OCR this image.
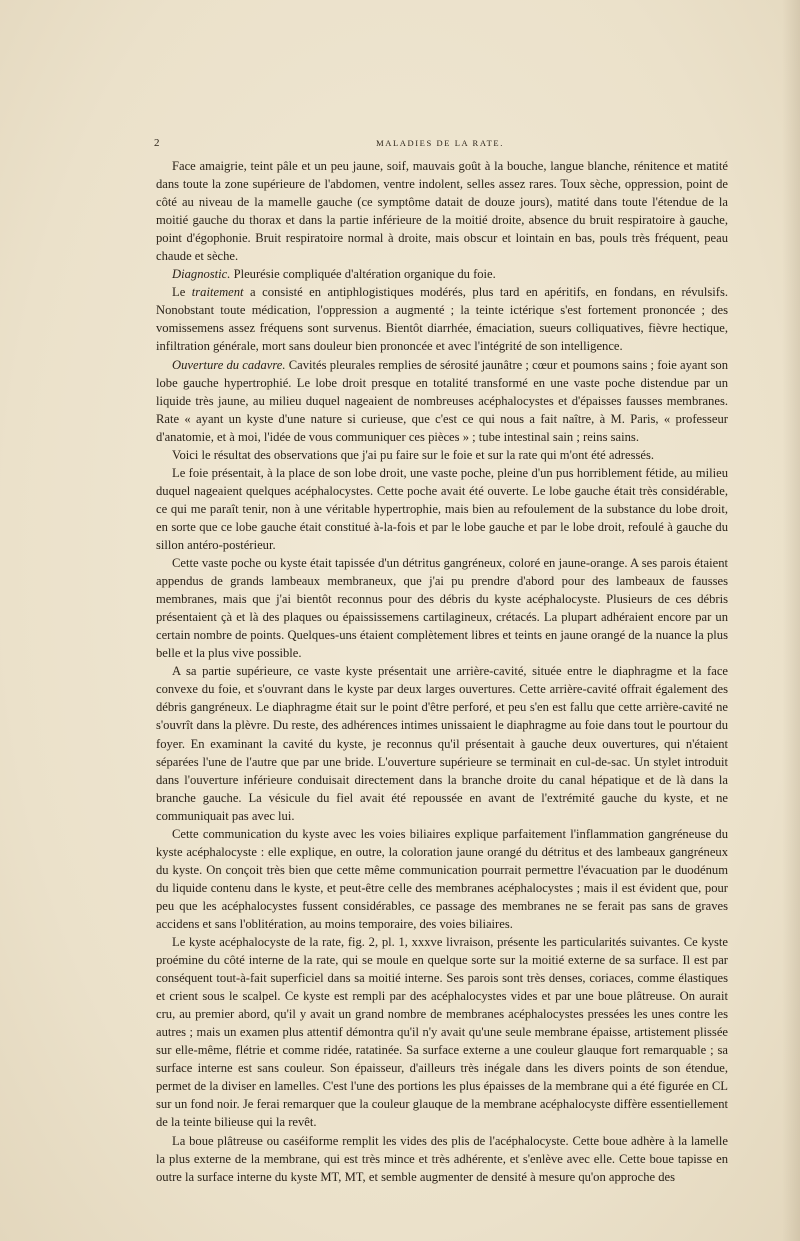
2	MALADIES DE LA RATE.

Face amaigrie, teint pâle et un peu jaune, soif, mauvais goût à la bouche, langue blanche, rénitence et matité dans toute la zone supérieure de l'abdomen, ventre indolent, selles assez rares. Toux sèche, oppression, point de côté au niveau de la mamelle gauche (ce symptôme datait de douze jours), matité dans toute l'étendue de la moitié gauche du thorax et dans la partie inférieure de la moitié droite, absence du bruit respiratoire à gauche, point d'égophonie. Bruit respiratoire normal à droite, mais obscur et lointain en bas, pouls très fréquent, peau chaude et sèche.

Diagnostic. Pleurésie compliquée d'altération organique du foie.

Le traitement a consisté en antiphlogistiques modérés, plus tard en apéritifs, en fondans, en révulsifs. Nonobstant toute médication, l'oppression a augmenté ; la teinte ictérique s'est fortement prononcée ; des vomissemens assez fréquens sont survenus. Bientôt diarrhée, émaciation, sueurs colliquatives, fièvre hectique, infiltration générale, mort sans douleur bien prononcée et avec l'intégrité de son intelligence.

Ouverture du cadavre. Cavités pleurales remplies de sérosité jaunâtre ; cœur et poumons sains ; foie ayant son lobe gauche hypertrophié. Le lobe droit presque en totalité transformé en une vaste poche distendue par un liquide très jaune, au milieu duquel nageaient de nombreuses acéphalocystes et d'épaisses fausses membranes. Rate « ayant un kyste d'une nature si curieuse, que c'est ce qui nous a fait naître, à M. Paris, « professeur d'anatomie, et à moi, l'idée de vous communiquer ces pièces » ; tube intestinal sain ; reins sains.

Voici le résultat des observations que j'ai pu faire sur le foie et sur la rate qui m'ont été adressés.

Le foie présentait, à la place de son lobe droit, une vaste poche, pleine d'un pus horriblement fétide, au milieu duquel nageaient quelques acéphalocystes. Cette poche avait été ouverte. Le lobe gauche était très considérable, ce qui me paraît tenir, non à une véritable hypertrophie, mais bien au refoulement de la substance du lobe droit, en sorte que ce lobe gauche était constitué à-la-fois et par le lobe gauche et par le lobe droit, refoulé à gauche du sillon antéro-postérieur.

Cette vaste poche ou kyste était tapissée d'un détritus gangréneux, coloré en jaune-orange. A ses parois étaient appendus de grands lambeaux membraneux, que j'ai pu prendre d'abord pour des lambeaux de fausses membranes, mais que j'ai bientôt reconnus pour des débris du kyste acéphalocyste. Plusieurs de ces débris présentaient çà et là des plaques ou épaississemens cartilagineux, crétacés. La plupart adhéraient encore par un certain nombre de points. Quelques-uns étaient complètement libres et teints en jaune orangé de la nuance la plus belle et la plus vive possible.

A sa partie supérieure, ce vaste kyste présentait une arrière-cavité, située entre le diaphragme et la face convexe du foie, et s'ouvrant dans le kyste par deux larges ouvertures. Cette arrière-cavité offrait également des débris gangréneux. Le diaphragme était sur le point d'être perforé, et peu s'en est fallu que cette arrière-cavité ne s'ouvrît dans la plèvre. Du reste, des adhérences intimes unissaient le diaphragme au foie dans tout le pourtour du foyer. En examinant la cavité du kyste, je reconnus qu'il présentait à gauche deux ouvertures, qui n'étaient séparées l'une de l'autre que par une bride. L'ouverture supérieure se terminait en cul-de-sac. Un stylet introduit dans l'ouverture inférieure conduisait directement dans la branche droite du canal hépatique et de là dans la branche gauche. La vésicule du fiel avait été repoussée en avant de l'extrémité gauche du kyste, et ne communiquait pas avec lui.

Cette communication du kyste avec les voies biliaires explique parfaitement l'inflammation gangréneuse du kyste acéphalocyste : elle explique, en outre, la coloration jaune orangé du détritus et des lambeaux gangréneux du kyste. On conçoit très bien que cette même communication pourrait permettre l'évacuation par le duodénum du liquide contenu dans le kyste, et peut-être celle des membranes acéphalocystes ; mais il est évident que, pour peu que les acéphalocystes fussent considérables, ce passage des membranes ne se ferait pas sans de graves accidens et sans l'oblitération, au moins temporaire, des voies biliaires.

Le kyste acéphalocyste de la rate, fig. 2, pl. 1, xxxve livraison, présente les particularités suivantes. Ce kyste proémine du côté interne de la rate, qui se moule en quelque sorte sur la moitié externe de sa surface. Il est par conséquent tout-à-fait superficiel dans sa moitié interne. Ses parois sont très denses, coriaces, comme élastiques et crient sous le scalpel. Ce kyste est rempli par des acéphalocystes vides et par une boue plâtreuse. On aurait cru, au premier abord, qu'il y avait un grand nombre de membranes acéphalocystes pressées les unes contre les autres ; mais un examen plus attentif démontra qu'il n'y avait qu'une seule membrane épaisse, artistement plissée sur elle-même, flétrie et comme ridée, ratatinée. Sa surface externe a une couleur glauque fort remarquable ; sa surface interne est sans couleur. Son épaisseur, d'ailleurs très inégale dans les divers points de son étendue, permet de la diviser en lamelles. C'est l'une des portions les plus épaisses de la membrane qui a été figurée en CL sur un fond noir. Je ferai remarquer que la couleur glauque de la membrane acéphalocyste diffère essentiellement de la teinte bilieuse qui la revêt.

La boue plâtreuse ou caséiforme remplit les vides des plis de l'acéphalocyste. Cette boue adhère à la lamelle la plus externe de la membrane, qui est très mince et très adhérente, et s'enlève avec elle. Cette boue tapisse en outre la surface interne du kyste MT, MT, et semble augmenter de densité à mesure qu'on approche des
